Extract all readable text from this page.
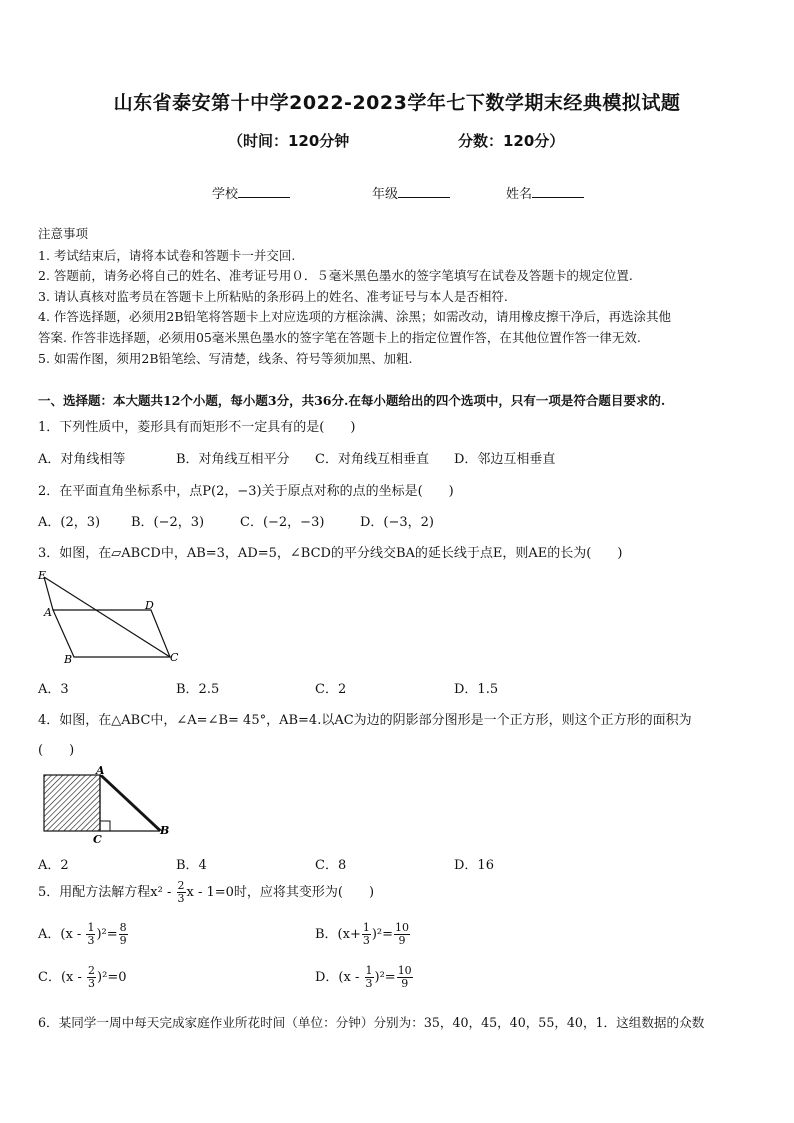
山东省泰安第十中学2022-2023学年七下数学期末经典模拟试题
（时间：120分钟	分数：120分）
学校	年级	姓名
注意事项
1. 考试结束后，请将本试卷和答题卡一并交回.
2. 答题前，请务必将自己的姓名、准考证号用０．５毫米黑色墨水的签字笔填写在试卷及答题卡的规定位置.
3. 请认真核对监考员在答题卡上所粘贴的条形码上的姓名、准考证号与本人是否相符.
4. 作答选择题，必须用2B铅笔将答题卡上对应选项的方框涂满、涂黑；如需改动，请用橡皮擦干净后，再选涂其他
答案. 作答非选择题，必须用05毫米黑色墨水的签字笔在答题卡上的指定位置作答，在其他位置作答一律无效.
5. 如需作图，须用2B铅笔绘、写清楚，线条、符号等须加黑、加粗.
一、选择题：本大题共12个小题，每小题3分，共36分.在每小题给出的四个选项中，只有一项是符合题目要求的.
1．下列性质中，菱形具有而矩形不一定具有的是(　　)
A．对角线相等	B．对角线互相平分 C．对角线互相垂直 D．邻边互相垂直
2．在平面直角坐标系中，点P(2，−3)关于原点对称的点的坐标是(　　)
A．(2，3) B．(−2，3)	C．(−2，−3)	D．(−3，2)
3．如图，在▱ABCD中，AB=3，AD=5，∠BCD的平分线交BA的延长线于点E，则AE的长为(　　)
E
A
D
B	C
A．3	B．2.5	C．2	D．1.5
4．如图，在△ABC中，∠A=∠B= 45°，AB=4.以AC为边的阴影部分图形是一个正方形，则这个正方形的面积为
(　　)
A
C
B
A．2	B．4	C．8	D．16
5．用配方法解方程$x^2 - \frac{2}{3}$ x - 1=0时，应将其变形为(　　)
A．$(x - \frac{1}{3} )^2= \frac{8}{9}$	B．$(x+ \frac{1}{3} )^2= \frac{10}{9}$
C．$(x - \frac{2}{3} )^2=0$	D．$(x - \frac{1}{3} )^2= \frac{10}{9}$
6．某同学一周中每天完成家庭作业所花时间（单位：分钟）分别为：35，40，45，40，55，40，1．这组数据的众数
